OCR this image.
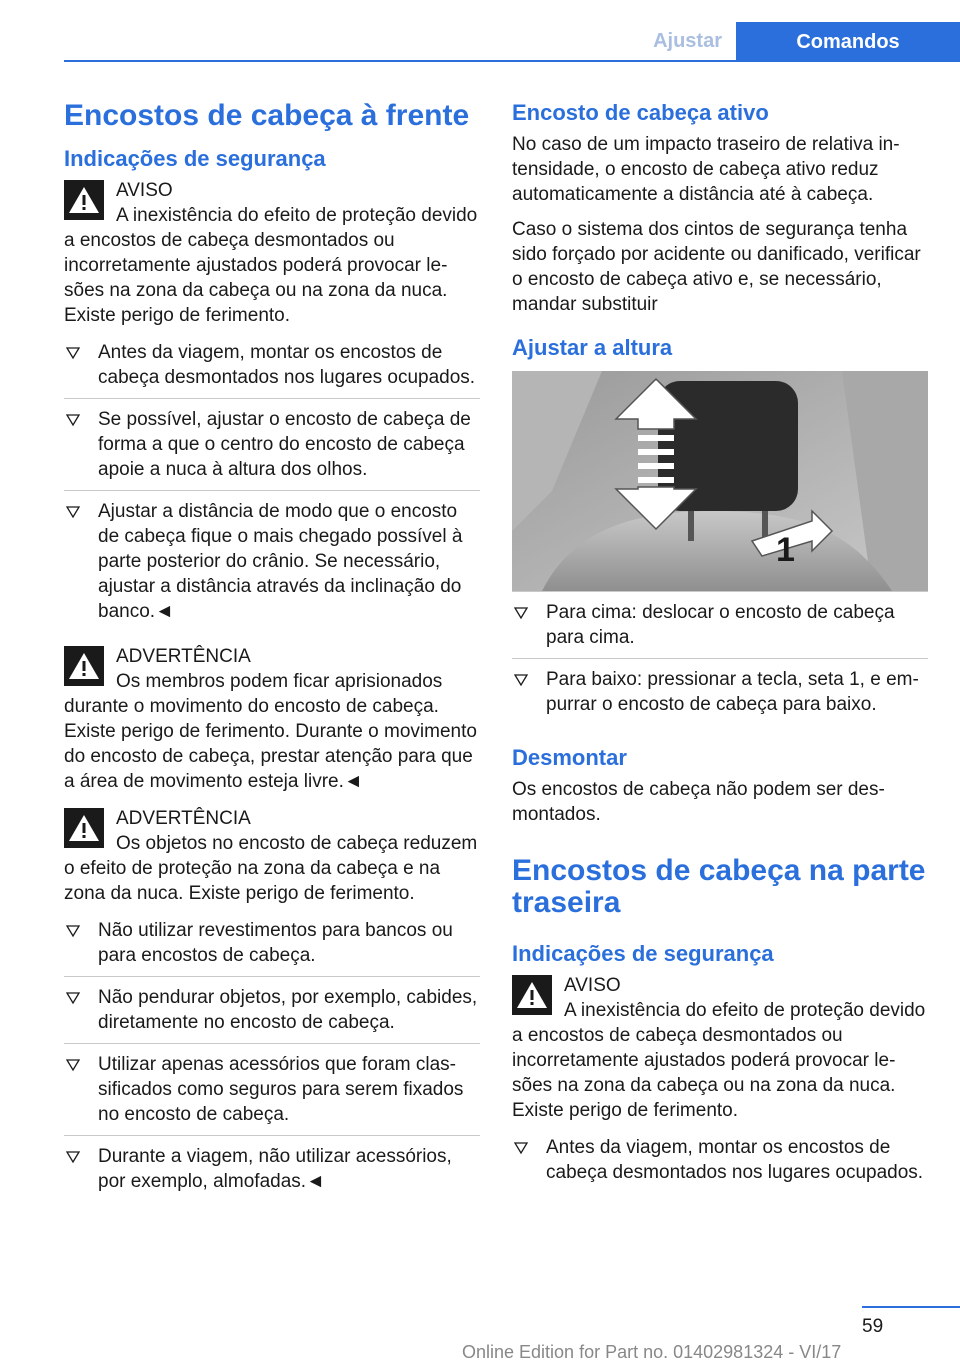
Ajustar	Comandos
Encostos de cabeça à frente
Indicações de segurança
AVISO
A inexistência do efeito de proteção devido a encostos de cabeça desmontados ou incorretamente ajustados poderá provocar lesões na zona da cabeça ou na zona da nuca. Existe perigo de ferimento.
Antes da viagem, montar os encostos de cabeça desmontados nos lugares ocupados.
Se possível, ajustar o encosto de cabeça de forma a que o centro do encosto de cabeça apoie a nuca à altura dos olhos.
Ajustar a distância de modo que o encosto de cabeça fique o mais chegado possível à parte posterior do crânio. Se necessário, ajustar a distância através da inclinação do banco.◄
ADVERTÊNCIA
Os membros podem ficar aprisionados durante o movimento do encosto de cabeça. Existe perigo de ferimento. Durante o movimento do encosto de cabeça, prestar atenção para que a área de movimento esteja livre.◄
ADVERTÊNCIA
Os objetos no encosto de cabeça reduzem o efeito de proteção na zona da cabeça e na zona da nuca. Existe perigo de ferimento.
Não utilizar revestimentos para bancos ou para encostos de cabeça.
Não pendurar objetos, por exemplo, cabides, diretamente no encosto de cabeça.
Utilizar apenas acessórios que foram classificados como seguros para serem fixados no encosto de cabeça.
Durante a viagem, não utilizar acessórios, por exemplo, almofadas.◄
Encosto de cabeça ativo

No caso de um impacto traseiro de relativa intensidade, o encosto de cabeça ativo reduz automaticamente a distância até à cabeça.

Caso o sistema dos cintos de segurança tenha sido forçado por acidente ou danificado, verificar o encosto de cabeça ativo e, se necessário, mandar substituir

Ajustar a altura
1
Para cima: deslocar o encosto de cabeça para cima.
Para baixo: pressionar a tecla, seta 1, e empurrar o encosto de cabeça para baixo.
Desmontar

Os encostos de cabeça não podem ser desmontados.

Encostos de cabeça na parte traseira
Indicações de segurança
AVISO
A inexistência do efeito de proteção devido a encostos de cabeça desmontados ou incorretamente ajustados poderá provocar lesões na zona da cabeça ou na zona da nuca. Existe perigo de ferimento.
Antes da viagem, montar os encostos de cabeça desmontados nos lugares ocupados.
59
Online Edition for Part no. 01402981324 - VI/17
